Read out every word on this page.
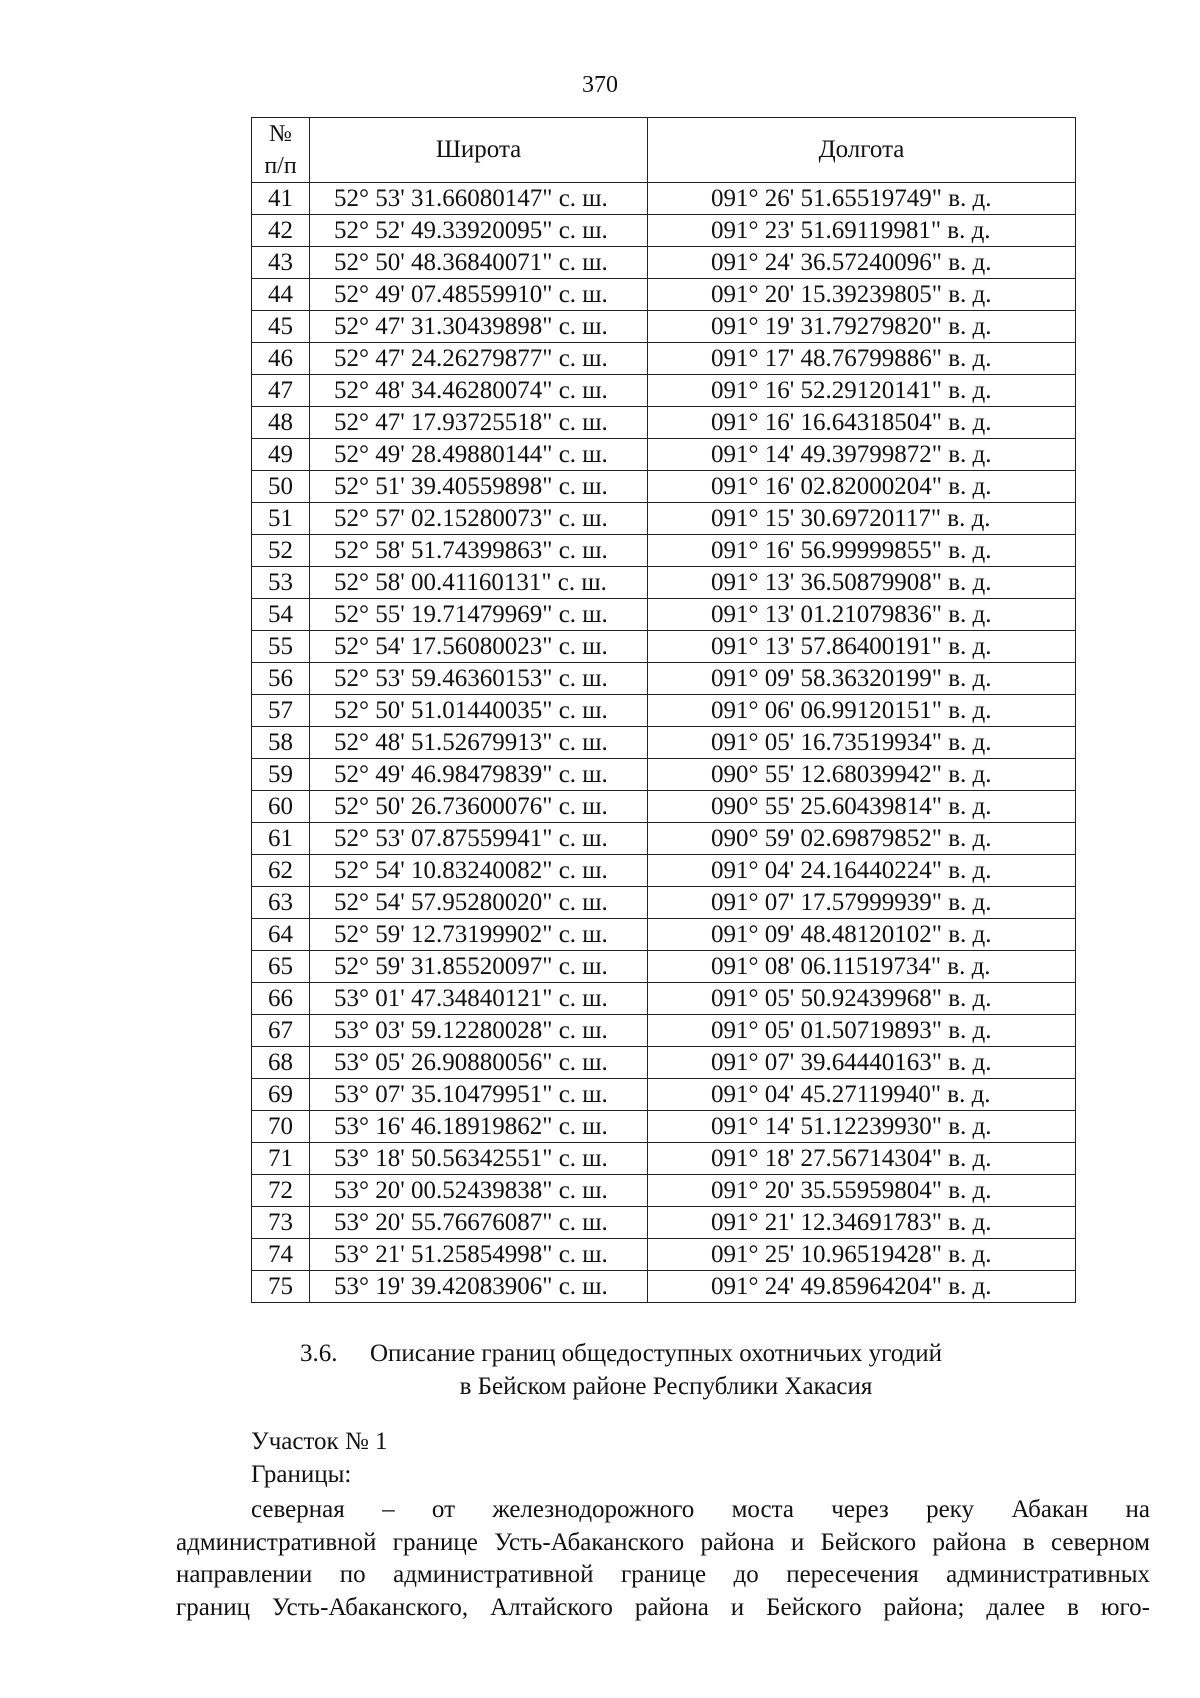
370
№
п/п	Широта	Долгота
41	52° 53' 31.66080147" с. ш.	091° 26' 51.65519749" в. д.
42	52° 52' 49.33920095" с. ш.	091° 23' 51.69119981" в. д.
43	52° 50' 48.36840071" с. ш.	091° 24' 36.57240096" в. д.
44	52° 49' 07.48559910" с. ш.	091° 20' 15.39239805" в. д.
45	52° 47' 31.30439898" с. ш.	091° 19' 31.79279820" в. д.
46	52° 47' 24.26279877" с. ш.	091° 17' 48.76799886" в. д.
47	52° 48' 34.46280074" с. ш.	091° 16' 52.29120141" в. д.
48	52° 47' 17.93725518" с. ш.	091° 16' 16.64318504" в. д.
49	52° 49' 28.49880144" с. ш.	091° 14' 49.39799872" в. д.
50	52° 51' 39.40559898" с. ш.	091° 16' 02.82000204" в. д.
51	52° 57' 02.15280073" с. ш.	091° 15' 30.69720117" в. д.
52	52° 58' 51.74399863" с. ш.	091° 16' 56.99999855" в. д.
53	52° 58' 00.41160131" с. ш.	091° 13' 36.50879908" в. д.
54	52° 55' 19.71479969" с. ш.	091° 13' 01.21079836" в. д.
55	52° 54' 17.56080023" с. ш.	091° 13' 57.86400191" в. д.
56	52° 53' 59.46360153" с. ш.	091° 09' 58.36320199" в. д.
57	52° 50' 51.01440035" с. ш.	091° 06' 06.99120151" в. д.
58	52° 48' 51.52679913" с. ш.	091° 05' 16.73519934" в. д.
59	52° 49' 46.98479839" с. ш.	090° 55' 12.68039942" в. д.
60	52° 50' 26.73600076" с. ш.	090° 55' 25.60439814" в. д.
61	52° 53' 07.87559941" с. ш.	090° 59' 02.69879852" в. д.
62	52° 54' 10.83240082" с. ш.	091° 04' 24.16440224" в. д.
63	52° 54' 57.95280020" с. ш.	091° 07' 17.57999939" в. д.
64	52° 59' 12.73199902" с. ш.	091° 09' 48.48120102" в. д.
65	52° 59' 31.85520097" с. ш.	091° 08' 06.11519734" в. д.
66	53° 01' 47.34840121" с. ш.	091° 05' 50.92439968" в. д.
67	53° 03' 59.12280028" с. ш.	091° 05' 01.50719893" в. д.
68	53° 05' 26.90880056" с. ш.	091° 07' 39.64440163" в. д.
69	53° 07' 35.10479951" с. ш.	091° 04' 45.27119940" в. д.
70	53° 16' 46.18919862" с. ш.	091° 14' 51.12239930" в. д.
71	53° 18' 50.56342551" с. ш.	091° 18' 27.56714304" в. д.
72	53° 20' 00.52439838" с. ш.	091° 20' 35.55959804" в. д.
73	53° 20' 55.76676087" с. ш.	091° 21' 12.34691783" в. д.
74	53° 21' 51.25854998" с. ш.	091° 25' 10.96519428" в. д.
75	53° 19' 39.42083906" с. ш.	091° 24' 49.85964204" в. д.
3.6. Описание границ общедоступных охотничьих угодий
в Бейском районе Республики Хакасия
Участок № 1
Границы:
северная – от железнодорожного моста через реку Абакан на
административной границе Усть-Абаканского района и Бейского района в северном
направлении по административной границе до пересечения административных
границ Усть-Абаканского, Алтайского района и Бейского района; далее в юго-
